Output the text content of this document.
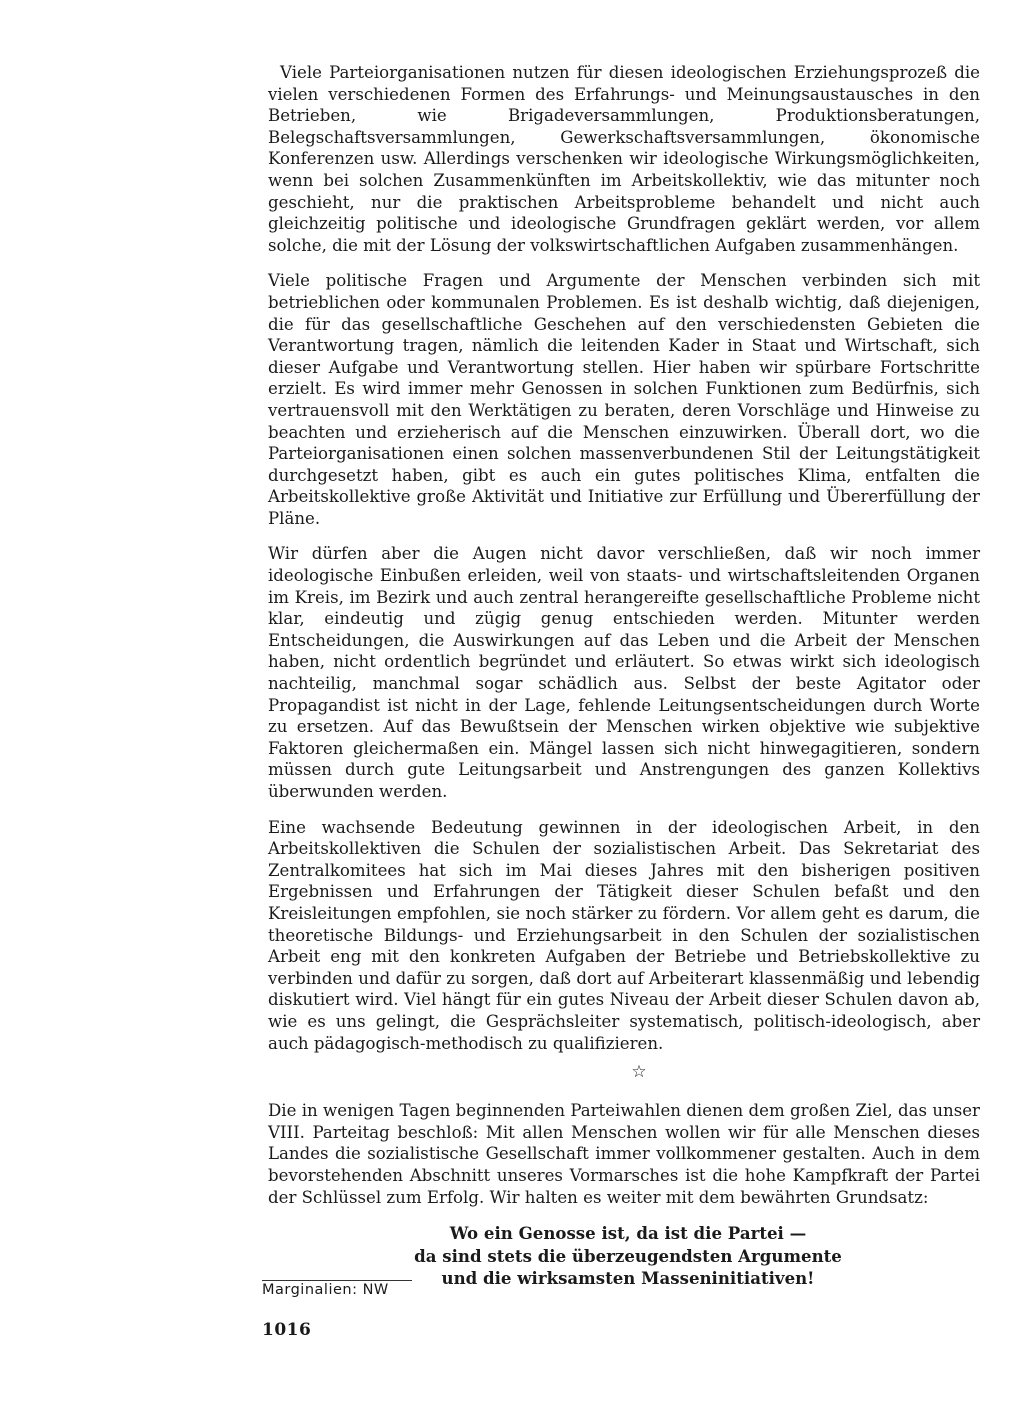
Viele Parteiorganisationen nutzen für diesen ideologischen Erziehungsprozeß die vielen verschiedenen Formen des Erfahrungs- und Meinungsaustausches in den Betrieben, wie Brigadeversammlungen, Produktionsberatungen, Belegschaftsversammlungen, Gewerkschaftsversammlungen, ökonomische Konferenzen usw. Allerdings verschenken wir ideologische Wirkungsmöglichkeiten, wenn bei solchen Zusammenkünften im Arbeitskollektiv, wie das mitunter noch geschieht, nur die praktischen Arbeitsprobleme behandelt und nicht auch gleichzeitig politische und ideologische Grundfragen geklärt werden, vor allem solche, die mit der Lösung der volkswirtschaftlichen Aufgaben zusammenhängen.

Viele politische Fragen und Argumente der Menschen verbinden sich mit betrieblichen oder kommunalen Problemen. Es ist deshalb wichtig, daß diejenigen, die für das gesellschaftliche Geschehen auf den verschiedensten Gebieten die Verantwortung tragen, nämlich die leitenden Kader in Staat und Wirtschaft, sich dieser Aufgabe und Verantwortung stellen. Hier haben wir spürbare Fortschritte erzielt. Es wird immer mehr Genossen in solchen Funktionen zum Bedürfnis, sich vertrauensvoll mit den Werktätigen zu beraten, deren Vorschläge und Hinweise zu beachten und erzieherisch auf die Menschen einzuwirken. Überall dort, wo die Parteiorganisationen einen solchen massenverbundenen Stil der Leitungstätigkeit durchgesetzt haben, gibt es auch ein gutes politisches Klima, entfalten die Arbeitskollektive große Aktivität und Initiative zur Erfüllung und Übererfüllung der Pläne.

Wir dürfen aber die Augen nicht davor verschließen, daß wir noch immer ideologische Einbußen erleiden, weil von staats- und wirtschaftsleitenden Organen im Kreis, im Bezirk und auch zentral herangereifte gesellschaftliche Probleme nicht klar, eindeutig und zügig genug entschieden werden. Mitunter werden Entscheidungen, die Auswirkungen auf das Leben und die Arbeit der Menschen haben, nicht ordentlich begründet und erläutert. So etwas wirkt sich ideologisch nachteilig, manchmal sogar schädlich aus. Selbst der beste Agitator oder Propagandist ist nicht in der Lage, fehlende Leitungsentscheidungen durch Worte zu ersetzen. Auf das Bewußtsein der Menschen wirken objektive wie subjektive Faktoren gleichermaßen ein. Mängel lassen sich nicht hinwegagitieren, sondern müssen durch gute Leitungsarbeit und Anstrengungen des ganzen Kollektivs überwunden werden.

Eine wachsende Bedeutung gewinnen in der ideologischen Arbeit, in den Arbeitskollektiven die Schulen der sozialistischen Arbeit. Das Sekretariat des Zentralkomitees hat sich im Mai dieses Jahres mit den bisherigen positiven Ergebnissen und Erfahrungen der Tätigkeit dieser Schulen befaßt und den Kreisleitungen empfohlen, sie noch stärker zu fördern. Vor allem geht es darum, die theoretische Bildungs- und Erziehungsarbeit in den Schulen der sozialistischen Arbeit eng mit den konkreten Aufgaben der Betriebe und Betriebskollektive zu verbinden und dafür zu sorgen, daß dort auf Arbeiterart klassenmäßig und lebendig diskutiert wird. Viel hängt für ein gutes Niveau der Arbeit dieser Schulen davon ab, wie es uns gelingt, die Gesprächsleiter systematisch, politisch-ideologisch, aber auch pädagogisch-methodisch zu qualifizieren.

☆

Die in wenigen Tagen beginnenden Parteiwahlen dienen dem großen Ziel, das unser VIII. Parteitag beschloß: Mit allen Menschen wollen wir für alle Menschen dieses Landes die sozialistische Gesellschaft immer vollkommener gestalten. Auch in dem bevorstehenden Abschnitt unseres Vormarsches ist die hohe Kampfkraft der Partei der Schlüssel zum Erfolg. Wir halten es weiter mit dem bewährten Grundsatz:

Wo ein Genosse ist, da ist die Partei —
da sind stets die überzeugendsten Argumente
und die wirksamsten Masseninitiativen!
Marginalien: NW
1016
